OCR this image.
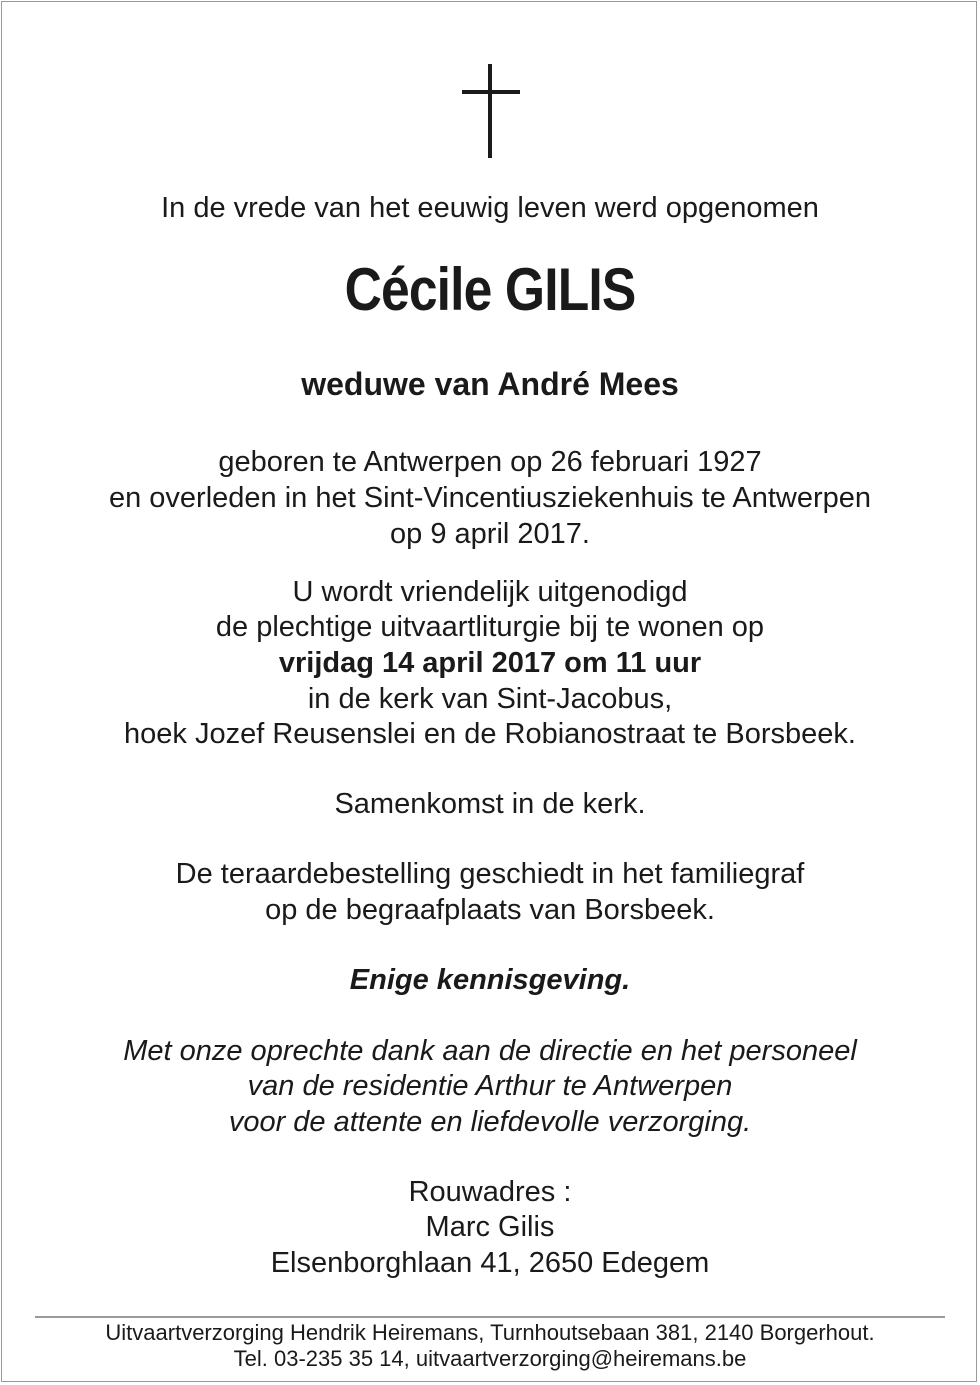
In de vrede van het eeuwig leven werd opgenomen
Cécile GILIS
weduwe van André Mees
geboren te Antwerpen op 26 februari 1927
en overleden in het Sint-Vincentiusziekenhuis te Antwerpen
op 9 april 2017.
U wordt vriendelijk uitgenodigd
de plechtige uitvaartliturgie bij te wonen op
vrijdag 14 april 2017 om 11 uur
in de kerk van Sint-Jacobus,
hoek Jozef Reusenslei en de Robianostraat te Borsbeek.
Samenkomst in de kerk.
De teraardebestelling geschiedt in het familiegraf
op de begraafplaats van Borsbeek.
Enige kennisgeving.
Met onze oprechte dank aan de directie en het personeel
van de residentie Arthur te Antwerpen
voor de attente en liefdevolle verzorging.
Rouwadres :
Marc Gilis
Elsenborghlaan 41, 2650 Edegem
Uitvaartverzorging Hendrik Heiremans, Turnhoutsebaan 381, 2140 Borgerhout.
Tel. 03-235 35 14, uitvaartverzorging@heiremans.be
